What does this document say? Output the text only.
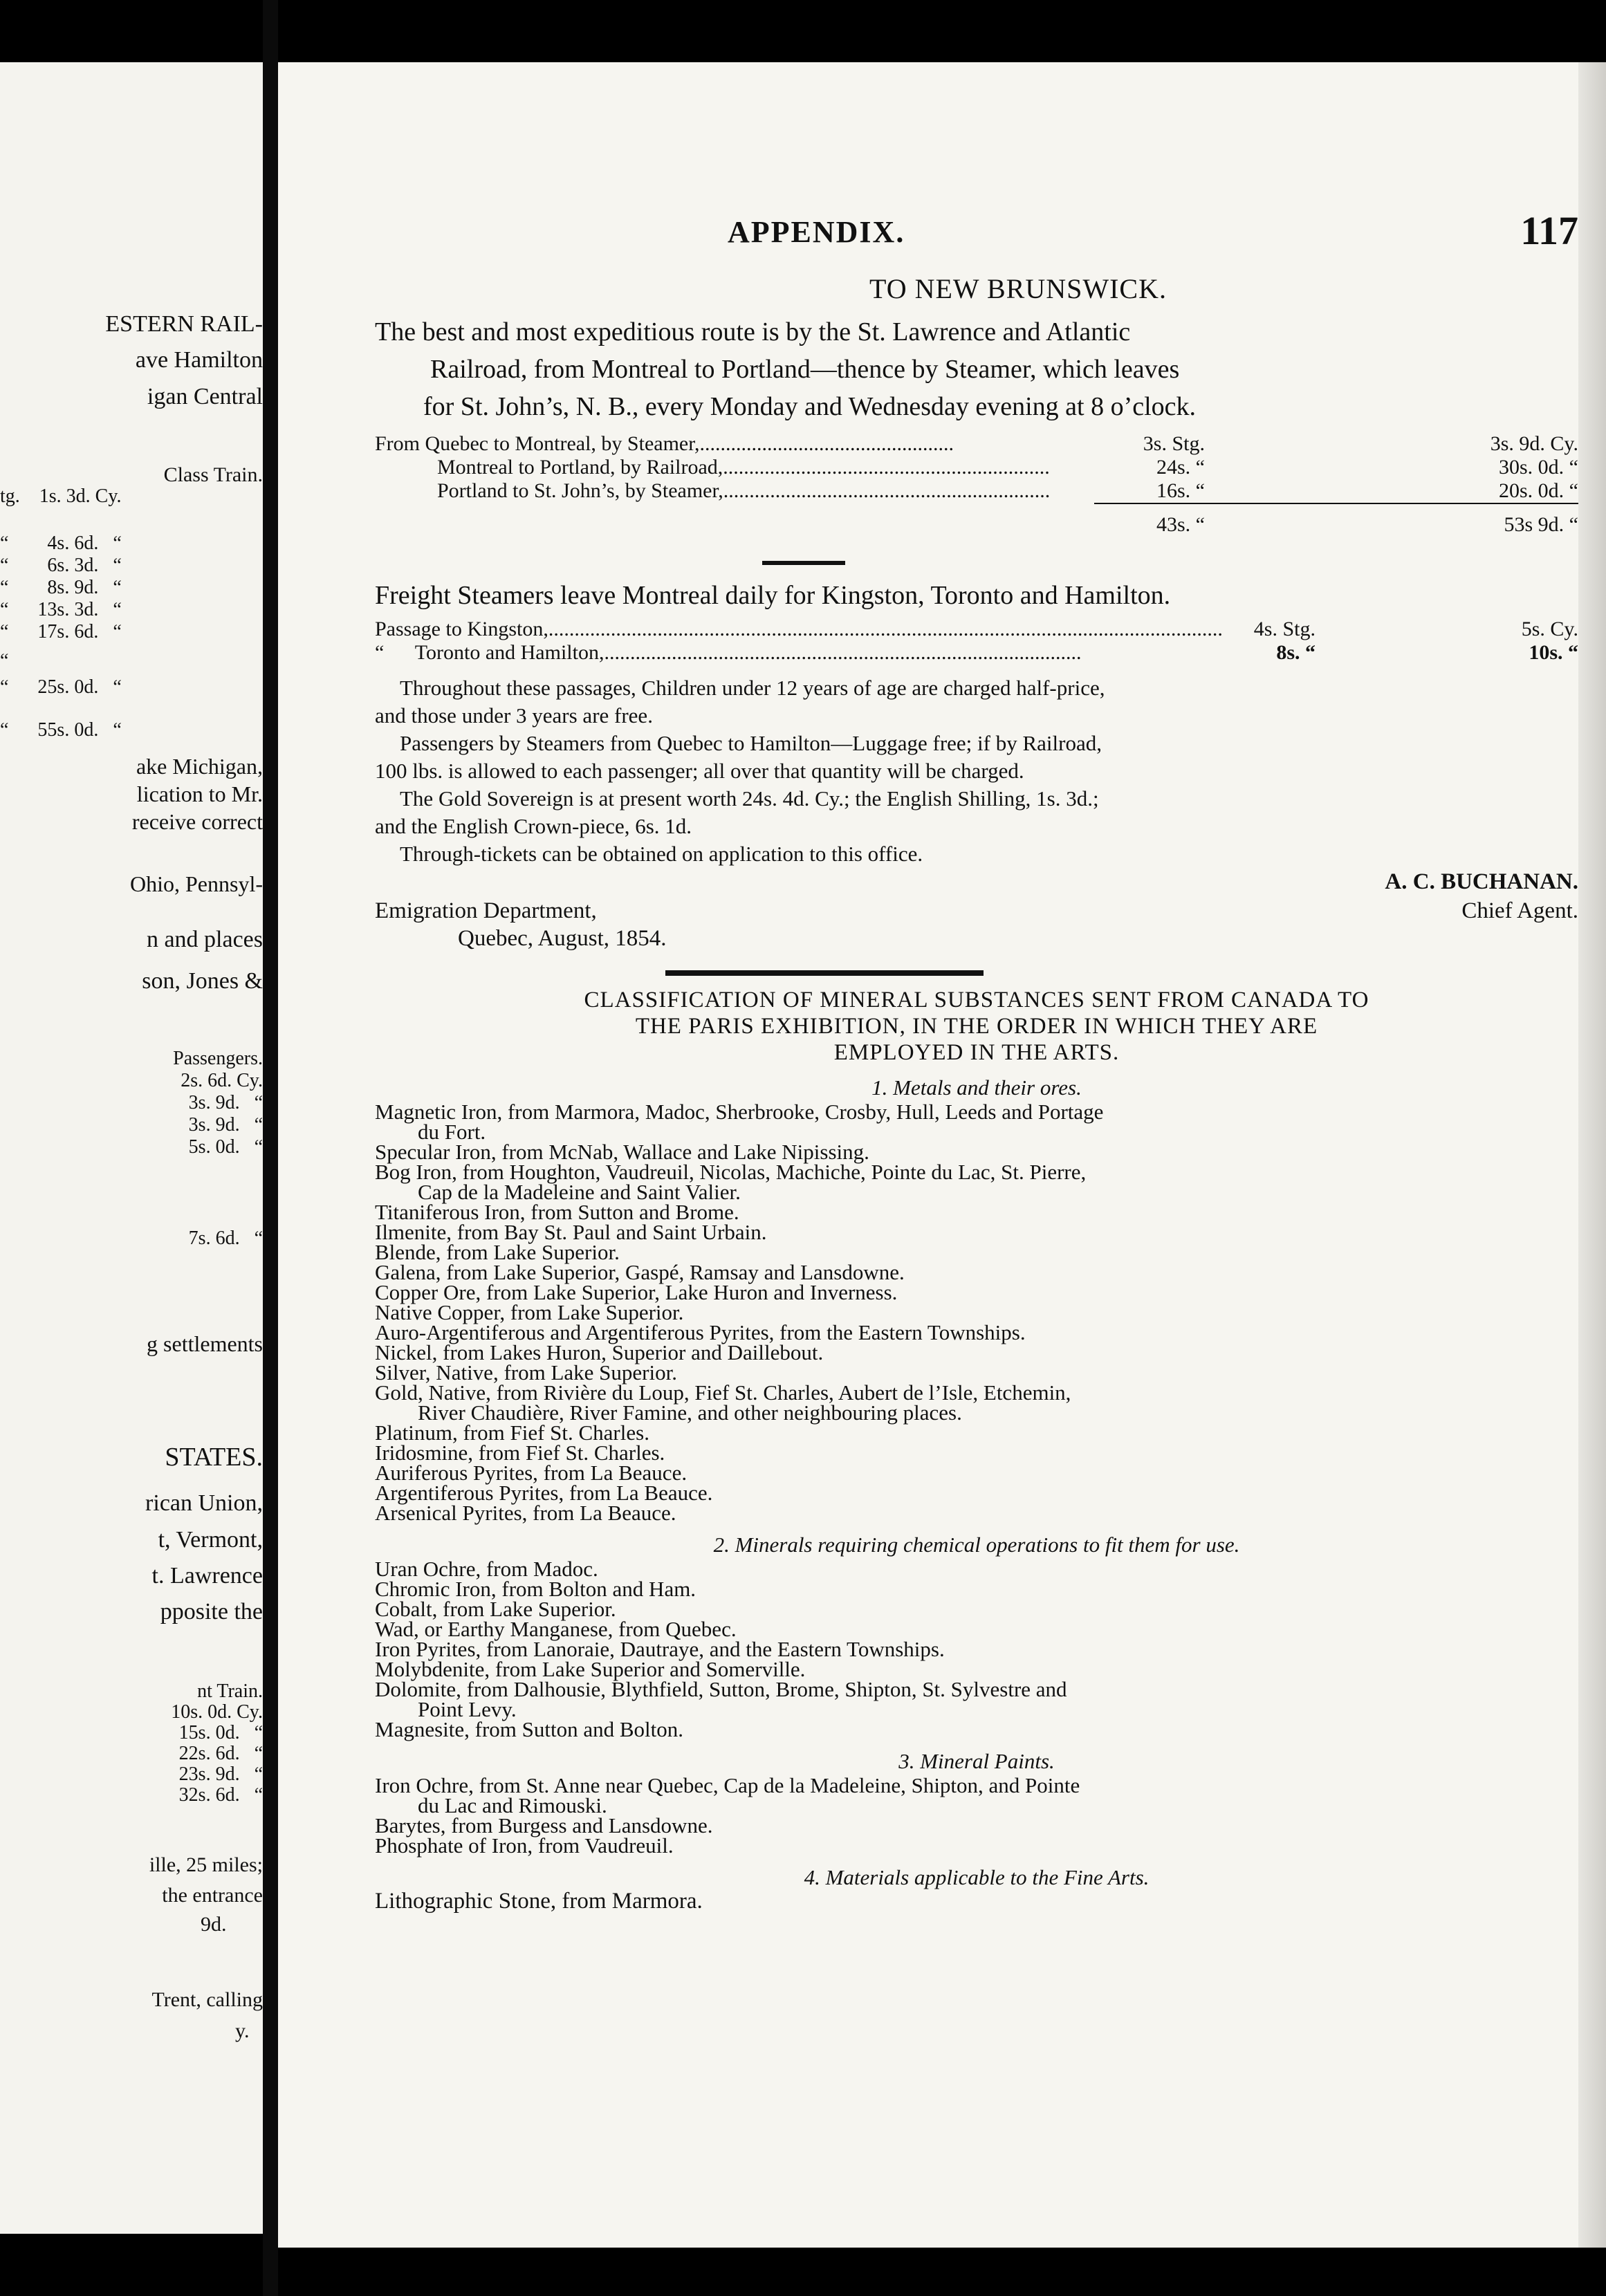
ESTERN RAIL-
ave Hamilton
igan Central
Class Train.
tg.    1s. 3d. Cy.
“        4s. 6d.   “
“        6s. 3d.   “
“        8s. 9d.   “
“      13s. 3d.   “
“      17s. 6d.   “
“
“      25s. 0d.   “
“      55s. 0d.   “
ake Michigan,
lication to Mr.
receive correct
Ohio, Pennsyl-
n and places
son, Jones &
Passengers.
2s. 6d. Cy.
3s. 9d.   “
3s. 9d.   “
5s. 0d.   “
7s. 6d.   “
g settlements
STATES.
rican Union,
t, Vermont,
t. Lawrence
pposite the
nt Train.
10s. 0d. Cy.
15s. 0d.   “
22s. 6d.   “
23s. 9d.   “
32s. 6d.   “
ille, 25 miles;
the entrance
9d.
Trent, calling
y.
APPENDIX.	117
TO NEW BRUNSWICK.
The best and most expeditious route is by the St. Lawrence and Atlantic
Railroad, from Montreal to Portland—thence by Steamer, which leaves
for St. John’s, N. B., every Monday and Wednesday evening at 8 o’clock.
From Quebec to Montreal, by Steamer,.................................................	3s. Stg.	3s. 9d. Cy.
Montreal to Portland, by Railroad,...............................................................	24s. “	30s. 0d. “
Portland to St. John’s, by Steamer,...............................................................	16s. “	20s. 0d. “
	43s. “	53s 9d. “
Freight Steamers leave Montreal daily for Kingston, Toronto and Hamilton.
Passage to Kingston,..................................................................................................................................	4s. Stg.	5s. Cy.
“      Toronto and Hamilton,............................................................................................	8s. “	10s. “
Throughout these passages, Children under 12 years of age are charged half-price,
and those under 3 years are free.
Passengers by Steamers from Quebec to Hamilton—Luggage free; if by Railroad,
100 lbs. is allowed to each passenger; all over that quantity will be charged.
The Gold Sovereign is at present worth 24s. 4d. Cy.; the English Shilling, 1s. 3d.;
and the English Crown-piece, 6s. 1d.
Through-tickets can be obtained on application to this office.
A. C. BUCHANAN.
Emigration Department,	Chief Agent.
Quebec, August, 1854.
CLASSIFICATION OF MINERAL SUBSTANCES SENT FROM CANADA TO
THE PARIS EXHIBITION, IN THE ORDER IN WHICH THEY ARE
EMPLOYED IN THE ARTS.
1. Metals and their ores.
Magnetic Iron, from Marmora, Madoc, Sherbrooke, Crosby, Hull, Leeds and Portage
du Fort.
Specular Iron, from McNab, Wallace and Lake Nipissing.
Bog Iron, from Houghton, Vaudreuil, Nicolas, Machiche, Pointe du Lac, St. Pierre,
Cap de la Madeleine and Saint Valier.
Titaniferous Iron, from Sutton and Brome.
Ilmenite, from Bay St. Paul and Saint Urbain.
Blende, from Lake Superior.
Galena, from Lake Superior, Gaspé, Ramsay and Lansdowne.
Copper Ore, from Lake Superior, Lake Huron and Inverness.
Native Copper, from Lake Superior.
Auro-Argentiferous and Argentiferous Pyrites, from the Eastern Townships.
Nickel, from Lakes Huron, Superior and Daillebout.
Silver, Native, from Lake Superior.
Gold, Native, from Rivière du Loup, Fief St. Charles, Aubert de l’Isle, Etchemin,
River Chaudière, River Famine, and other neighbouring places.
Platinum, from Fief St. Charles.
Iridosmine, from Fief St. Charles.
Auriferous Pyrites, from La Beauce.
Argentiferous Pyrites, from La Beauce.
Arsenical Pyrites, from La Beauce.
2. Minerals requiring chemical operations to fit them for use.
Uran Ochre, from Madoc.
Chromic Iron, from Bolton and Ham.
Cobalt, from Lake Superior.
Wad, or Earthy Manganese, from Quebec.
Iron Pyrites, from Lanoraie, Dautraye, and the Eastern Townships.
Molybdenite, from Lake Superior and Somerville.
Dolomite, from Dalhousie, Blythfield, Sutton, Brome, Shipton, St. Sylvestre and
Point Levy.
Magnesite, from Sutton and Bolton.
3. Mineral Paints.
Iron Ochre, from St. Anne near Quebec, Cap de la Madeleine, Shipton, and Pointe
du Lac and Rimouski.
Barytes, from Burgess and Lansdowne.
Phosphate of Iron, from Vaudreuil.
4. Materials applicable to the Fine Arts.
Lithographic Stone, from Marmora.
